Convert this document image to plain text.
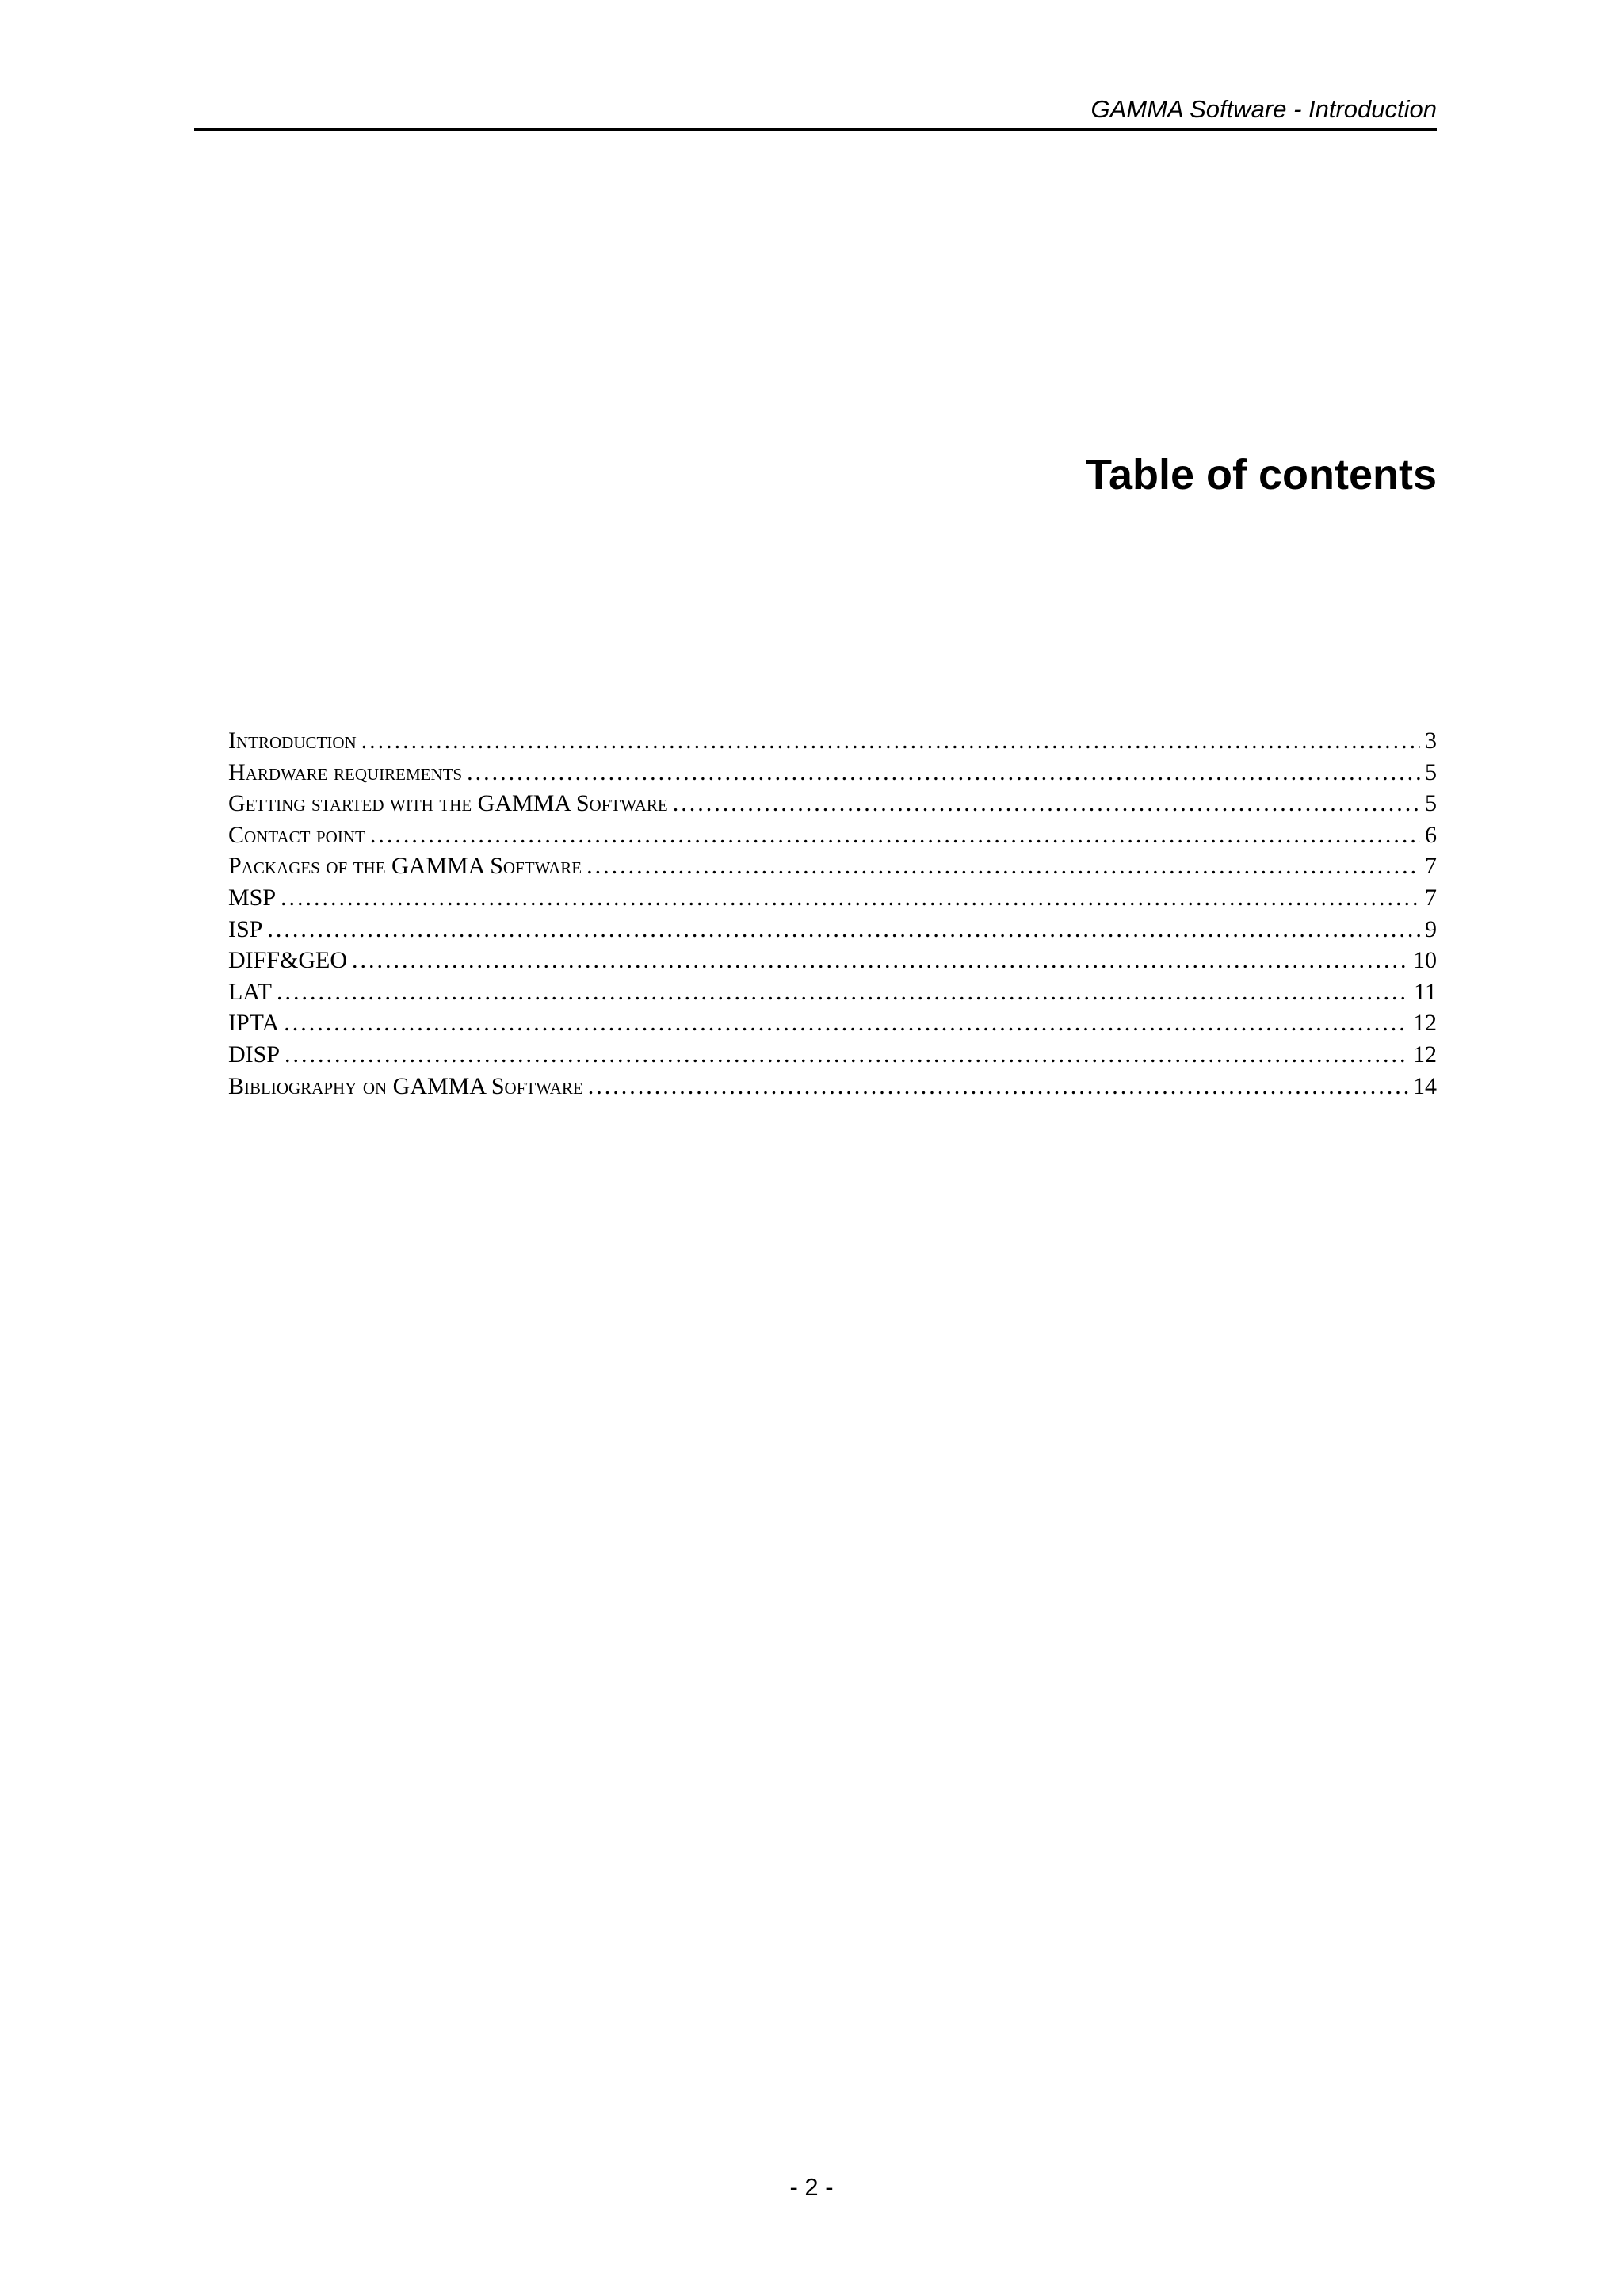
GAMMA Software - Introduction
Table of contents
Introduction .....	3
Hardware requirements .....	5
Getting started with the GAMMA Software .....	5
Contact point .....	6
Packages of the GAMMA Software .....	7
MSP .....	7
ISP .....	9
DIFF&GEO .....	10
LAT .....	11
IPTA .....	12
DISP .....	12
Bibliography on GAMMA Software .....	14
- 2 -
